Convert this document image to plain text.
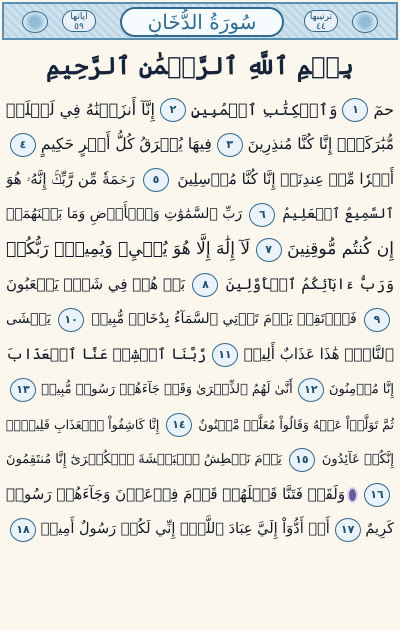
آياتها
٥٩	سُورَةُ الدُّخَانِ	ترتيبها
٤٤
بِسۡمِ ٱللَّهِ ٱلرَّحۡمَٰنِ ٱلرَّحِيمِ
حمٓ
١
وَٱلۡكِتَٰبِ ٱلۡمُبِينِ
٢
إِنَّآ أَنزَلۡنَٰهُ فِي لَيۡلَةٖ
مُّبَٰرَكَةٍۚ إِنَّا كُنَّا مُنذِرِينَ
٣
فِيهَا يُفۡرَقُ كُلُّ أَمۡرٍ حَكِيمٍ
٤
أَمۡرٗا مِّنۡ عِندِنَآۚ إِنَّا كُنَّا مُرۡسِلِينَ
٥
رَحۡمَةٗ مِّن رَّبِّكَۚ إِنَّهُۥ هُوَ
ٱلسَّمِيعُ ٱلۡعَلِيمُ
٦
رَبِّ ٱلسَّمَٰوَٰتِ وَٱلۡأَرۡضِ وَمَا بَيۡنَهُمَآۖ
إِن كُنتُم مُّوقِنِينَ
٧
لَآ إِلَٰهَ إِلَّا هُوَ يُحۡيِۦ وَيُمِيتُۖ رَبُّكُمۡ
وَرَبُّ ءَابَآئِكُمُ ٱلۡأَوَّلِينَ
٨
بَلۡ هُمۡ فِي شَكّٖ يَلۡعَبُونَ
٩
فَٱرۡتَقِبۡ يَوۡمَ تَأۡتِي ٱلسَّمَآءُ بِدُخَانٖ مُّبِينٖ
١٠
يَغۡشَى
ٱلنَّاسَۖ هَٰذَا عَذَابٌ أَلِيمٞ
١١
رَّبَّنَا ٱكۡشِفۡ عَنَّا ٱلۡعَذَابَ
إِنَّا مُؤۡمِنُونَ
١٢
أَنَّىٰ لَهُمُ ٱلذِّكۡرَىٰ وَقَدۡ جَآءَهُمۡ رَسُولٞ مُّبِينٞ
١٣
ثُمَّ تَوَلَّوۡاْ عَنۡهُ وَقَالُواْ مُعَلَّمٞ مَّجۡنُونٌ
١٤
إِنَّا كَاشِفُواْ ٱلۡعَذَابِ قَلِيلًاۚ
إِنَّكُمۡ عَآئِدُونَ
١٥
يَوۡمَ نَبۡطِشُ ٱلۡبَطۡشَةَ ٱلۡكُبۡرَىٰٓ إِنَّا مُنتَقِمُونَ
١٦
وَلَقَدۡ فَتَنَّا قَبۡلَهُمۡ قَوۡمَ فِرۡعَوۡنَ وَجَآءَهُمۡ رَسُولٞ
كَرِيمٌ
١٧
أَنۡ أَدُّوٓاْ إِلَيَّ عِبَادَ ٱللَّهِۖ إِنِّي لَكُمۡ رَسُولٌ أَمِينٞ
١٨
